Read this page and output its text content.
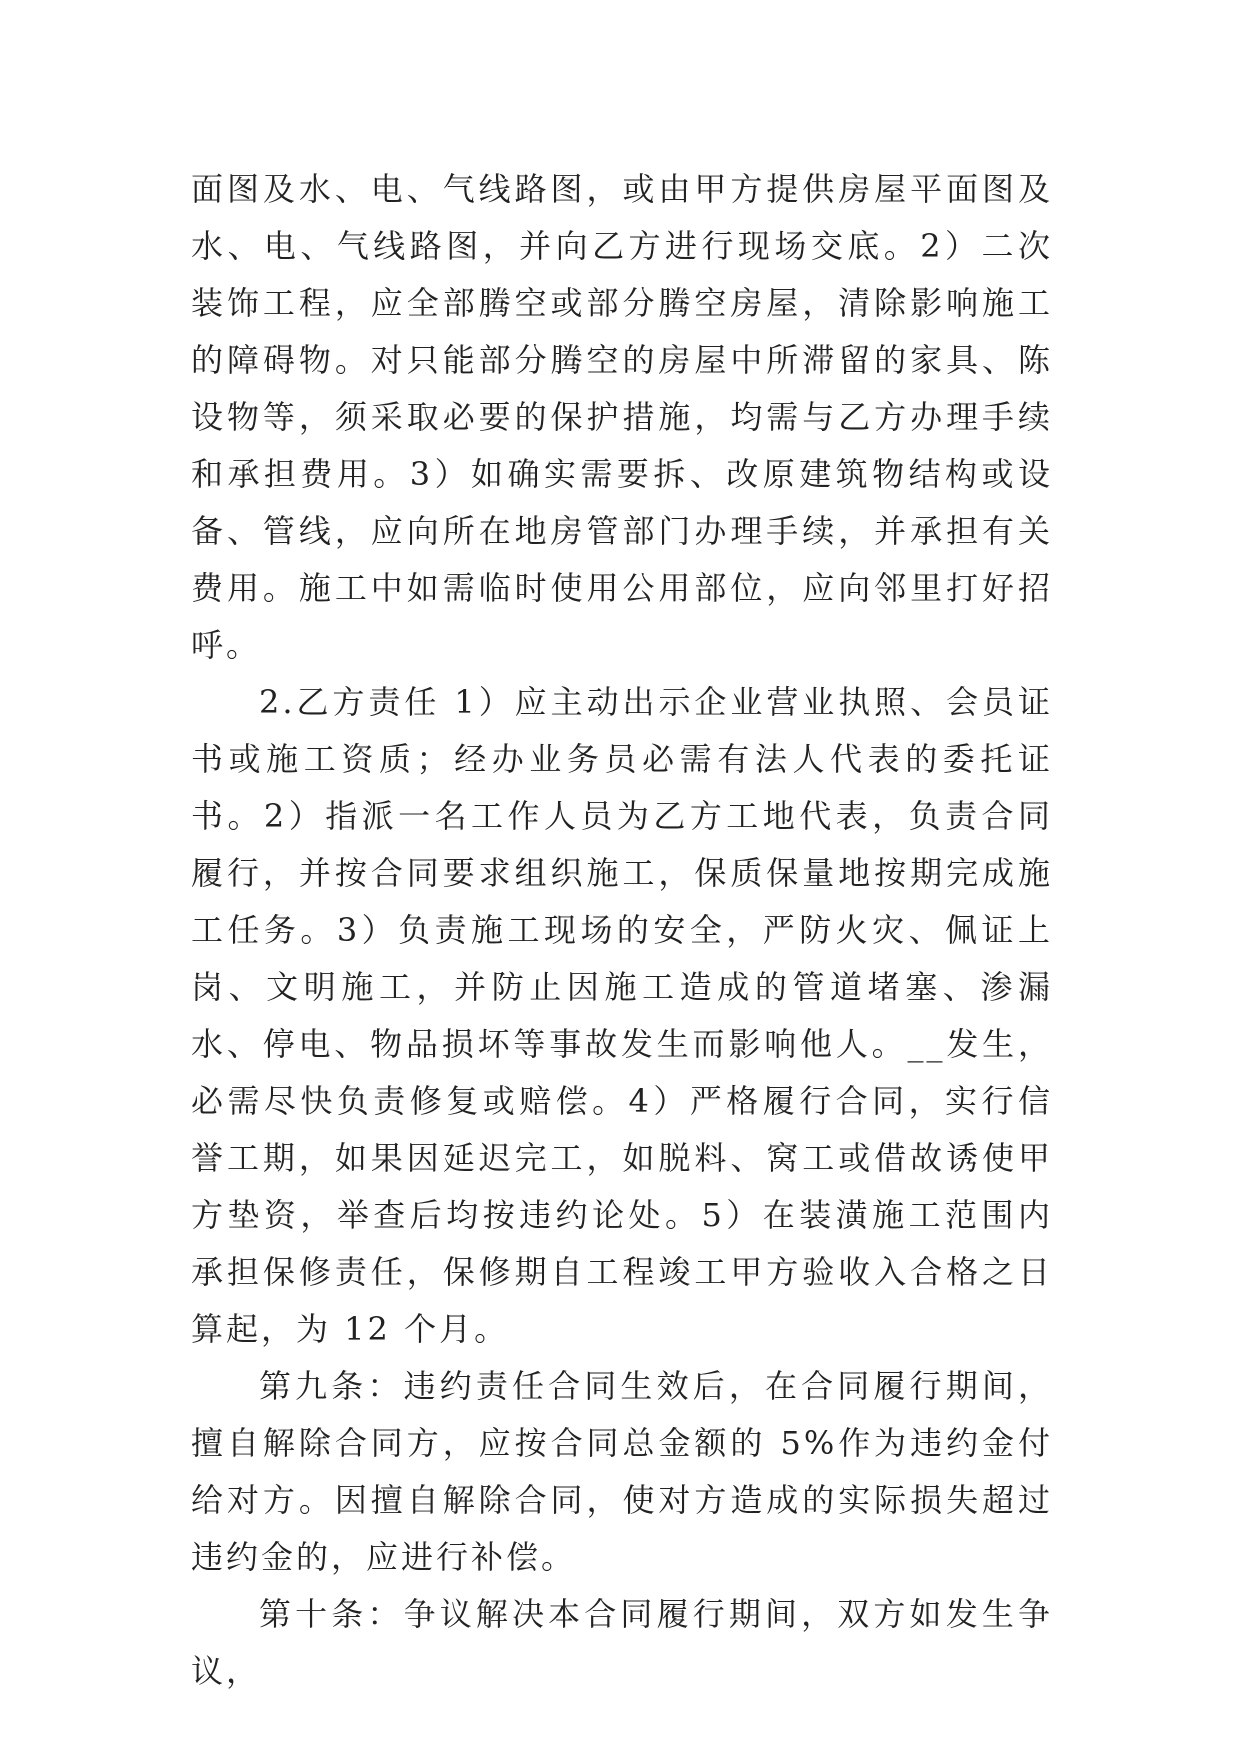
面图及水、电、气线路图，或由甲方提供房屋平面图及水、电、气线路图，并向乙方进行现场交底。2）二次装饰工程，应全部腾空或部分腾空房屋，清除影响施工的障碍物。对只能部分腾空的房屋中所滞留的家具、陈设物等，须采取必要的保护措施，均需与乙方办理手续和承担费用。3）如确实需要拆、改原建筑物结构或设备、管线，应向所在地房管部门办理手续，并承担有关费用。施工中如需临时使用公用部位，应向邻里打好招呼。

2.乙方责任 1）应主动出示企业营业执照、会员证书或施工资质；经办业务员必需有法人代表的委托证书。2）指派一名工作人员为乙方工地代表，负责合同履行，并按合同要求组织施工，保质保量地按期完成施工任务。3）负责施工现场的安全，严防火灾、佩证上岗、文明施工，并防止因施工造成的管道堵塞、渗漏水、停电、物品损坏等事故发生而影响他人。__发生，必需尽快负责修复或赔偿。4）严格履行合同，实行信誉工期，如果因延迟完工，如脱料、窝工或借故诱使甲方垫资，举查后均按违约论处。5）在装潢施工范围内承担保修责任，保修期自工程竣工甲方验收入合格之日算起，为 12 个月。

第九条：违约责任合同生效后，在合同履行期间，擅自解除合同方，应按合同总金额的 5%作为违约金付给对方。因擅自解除合同，使对方造成的实际损失超过违约金的，应进行补偿。

第十条：争议解决本合同履行期间，双方如发生争议，
